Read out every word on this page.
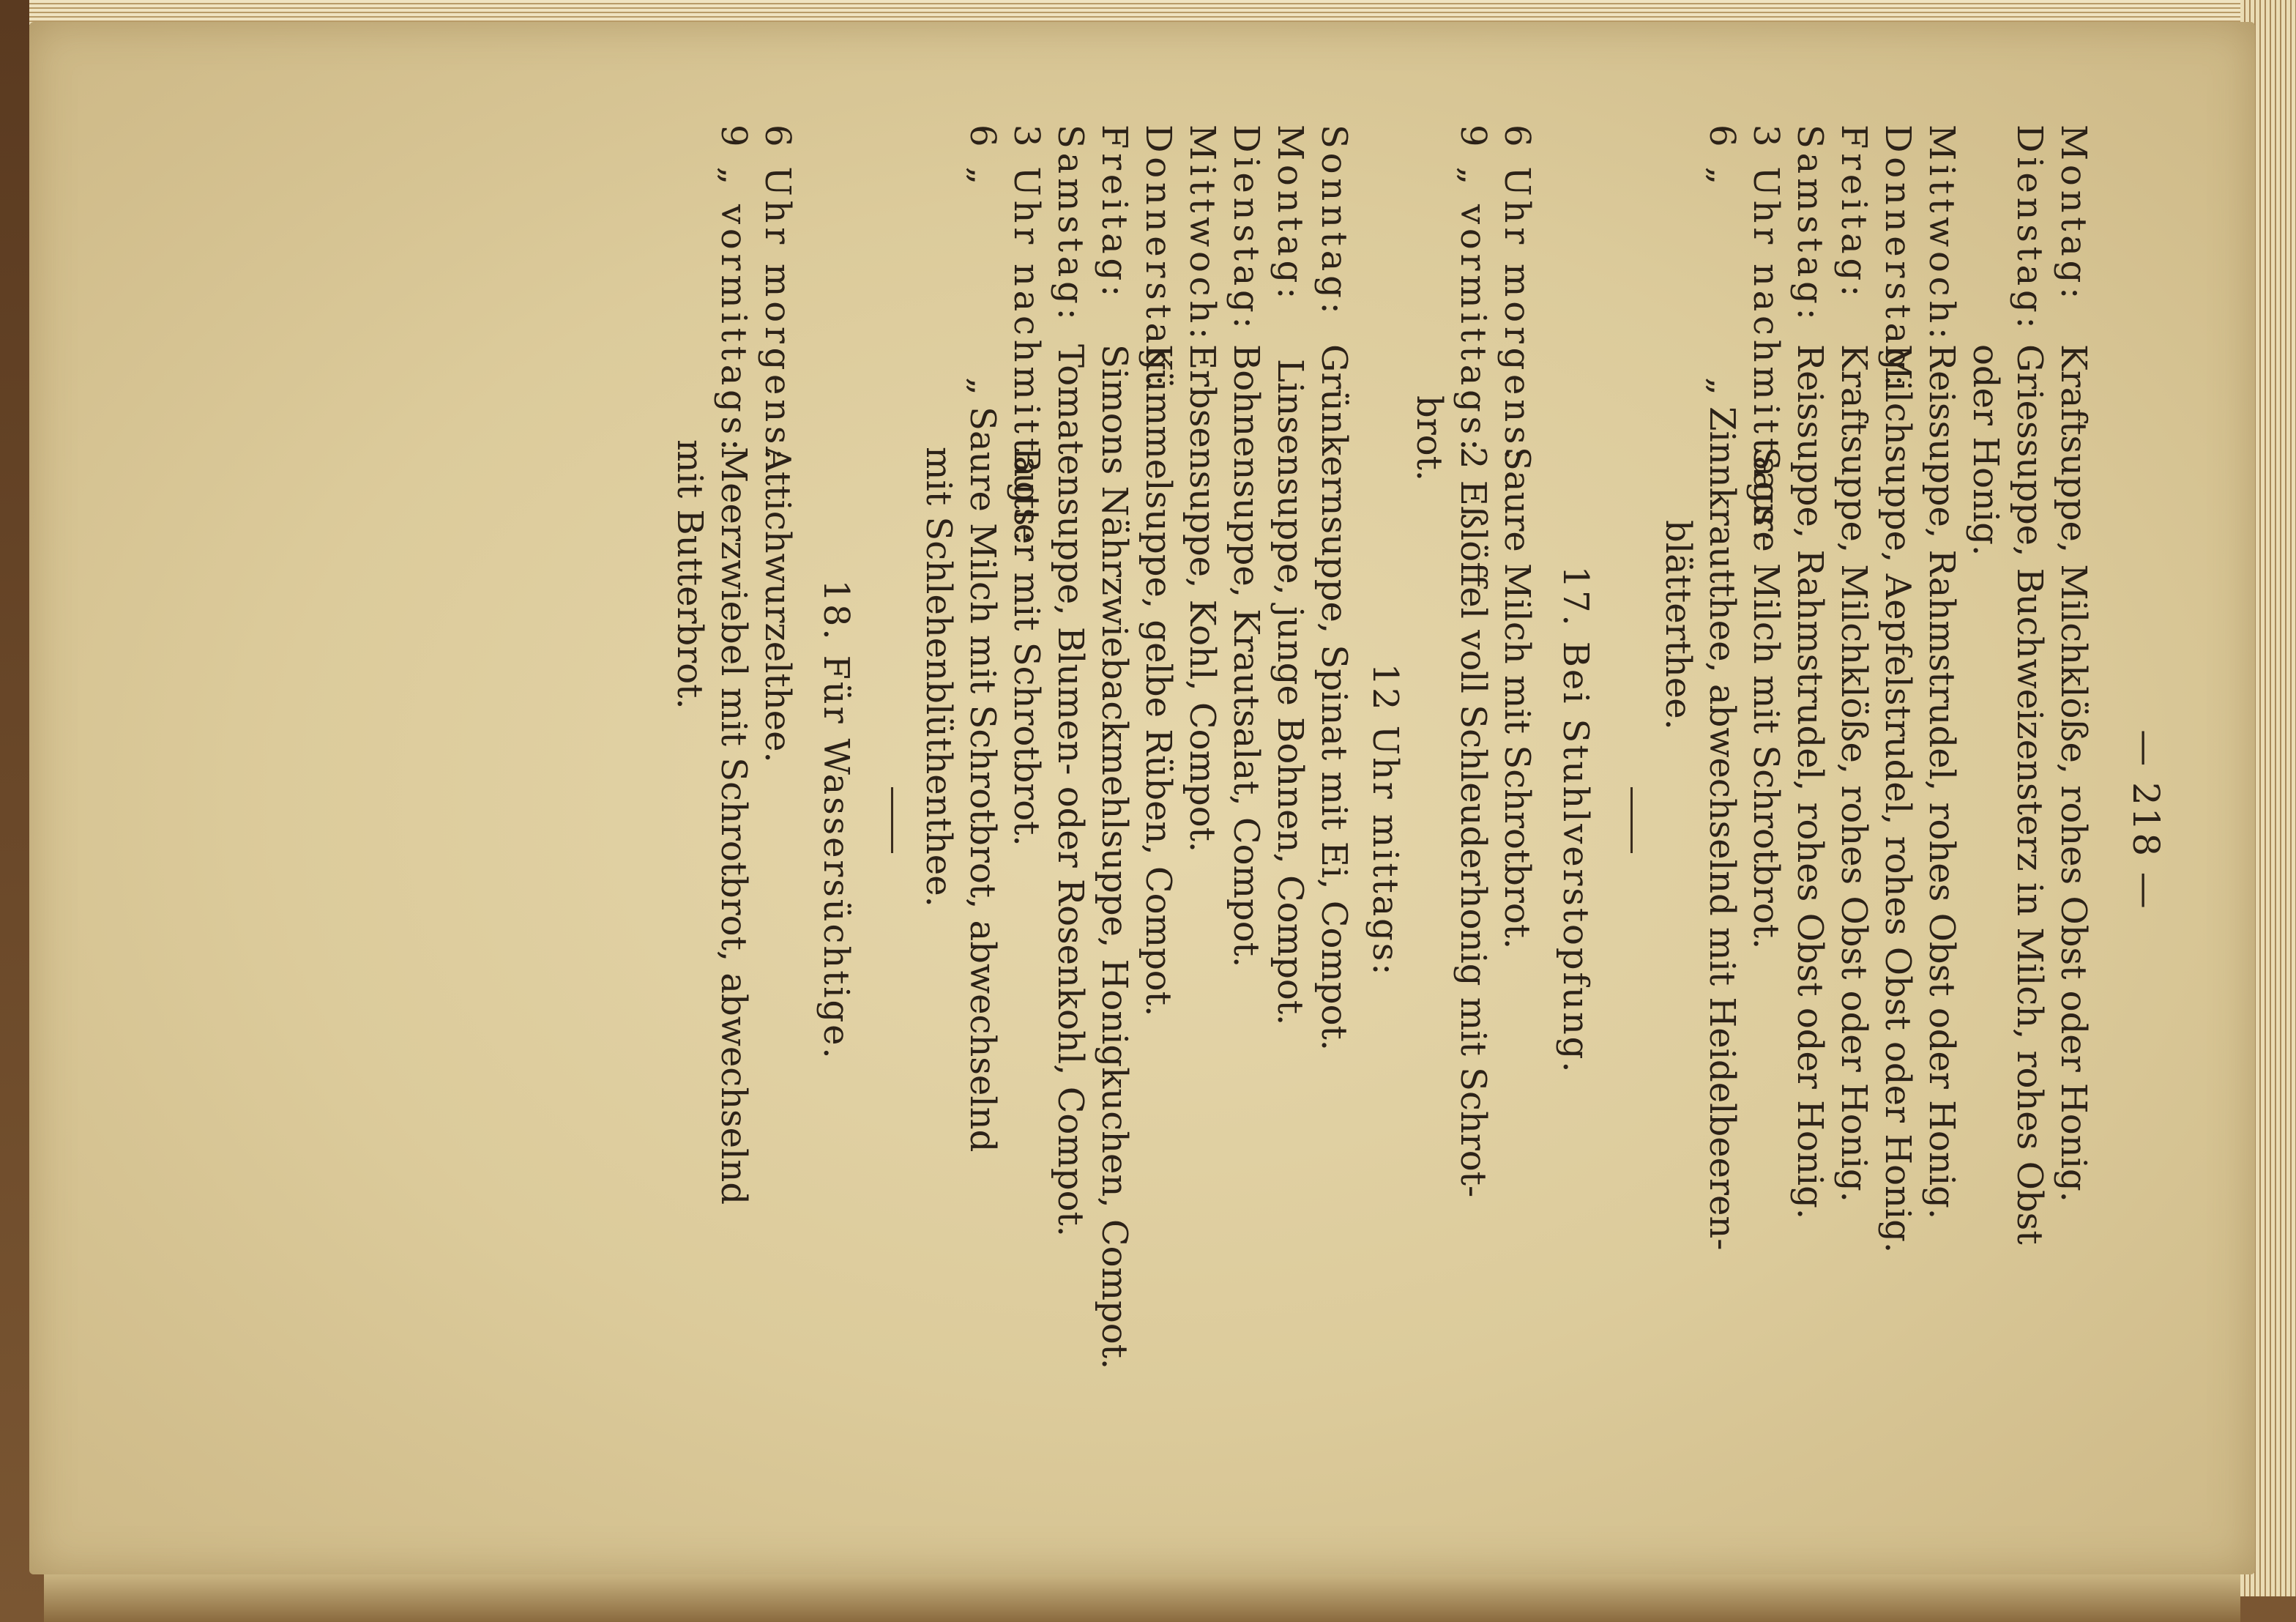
— 218 —
Montag:
Kraftsuppe, Milchklöße, rohes Obst oder Honig.
Dienstag:
Griessuppe, Buchweizensterz in Milch, rohes Obst
oder Honig.
Mittwoch:
Reissuppe, Rahmstrudel, rohes Obst oder Honig.
Donnerstag:
Milchsuppe, Aepfelstrudel, rohes Obst oder Honig.
Freitag:
Kraftsuppe, Milchklöße, rohes Obst oder Honig.
Samstag:
Reissuppe, Rahmstrudel, rohes Obst oder Honig.
3 Uhr nachmittags:
Saure Milch mit Schrotbrot.
6 „
„ Zinnkrautthee, abwechselnd mit Heidelbeeren-
blätterthee.
17. Bei Stuhlverstopfung.
6 Uhr morgens:
Saure Milch mit Schrotbrot.
9 „ vormittags:
2 Eßlöffel voll Schleuderhonig mit Schrot-
brot.
12 Uhr mittags:
Sonntag:
Grünkernsuppe, Spinat mit Ei, Compot.
Montag:
Linsensuppe, junge Bohnen, Compot.
Dienstag:
Bohnensuppe, Krautsalat, Compot.
Mittwoch:
Erbsensuppe, Kohl, Compot.
Donnerstag:
Kümmelsuppe, gelbe Rüben, Compot.
Freitag:
Simons Nährzwiebackmehlsuppe, Honigkuchen, Compot.
Samstag:
Tomatensuppe, Blumen- oder Rosenkohl, Compot.
3 Uhr nachmittags:
Butter mit Schrotbrot.
6 „
„ Saure Milch mit Schrotbrot, abwechselnd
mit Schlehenblüthenthee.
18. Für Wassersüchtige.
6 Uhr morgens:
Attichwurzelthee.
9 „ vormittags:
Meerzwiebel mit Schrotbrot, abwechselnd
mit Butterbrot.
